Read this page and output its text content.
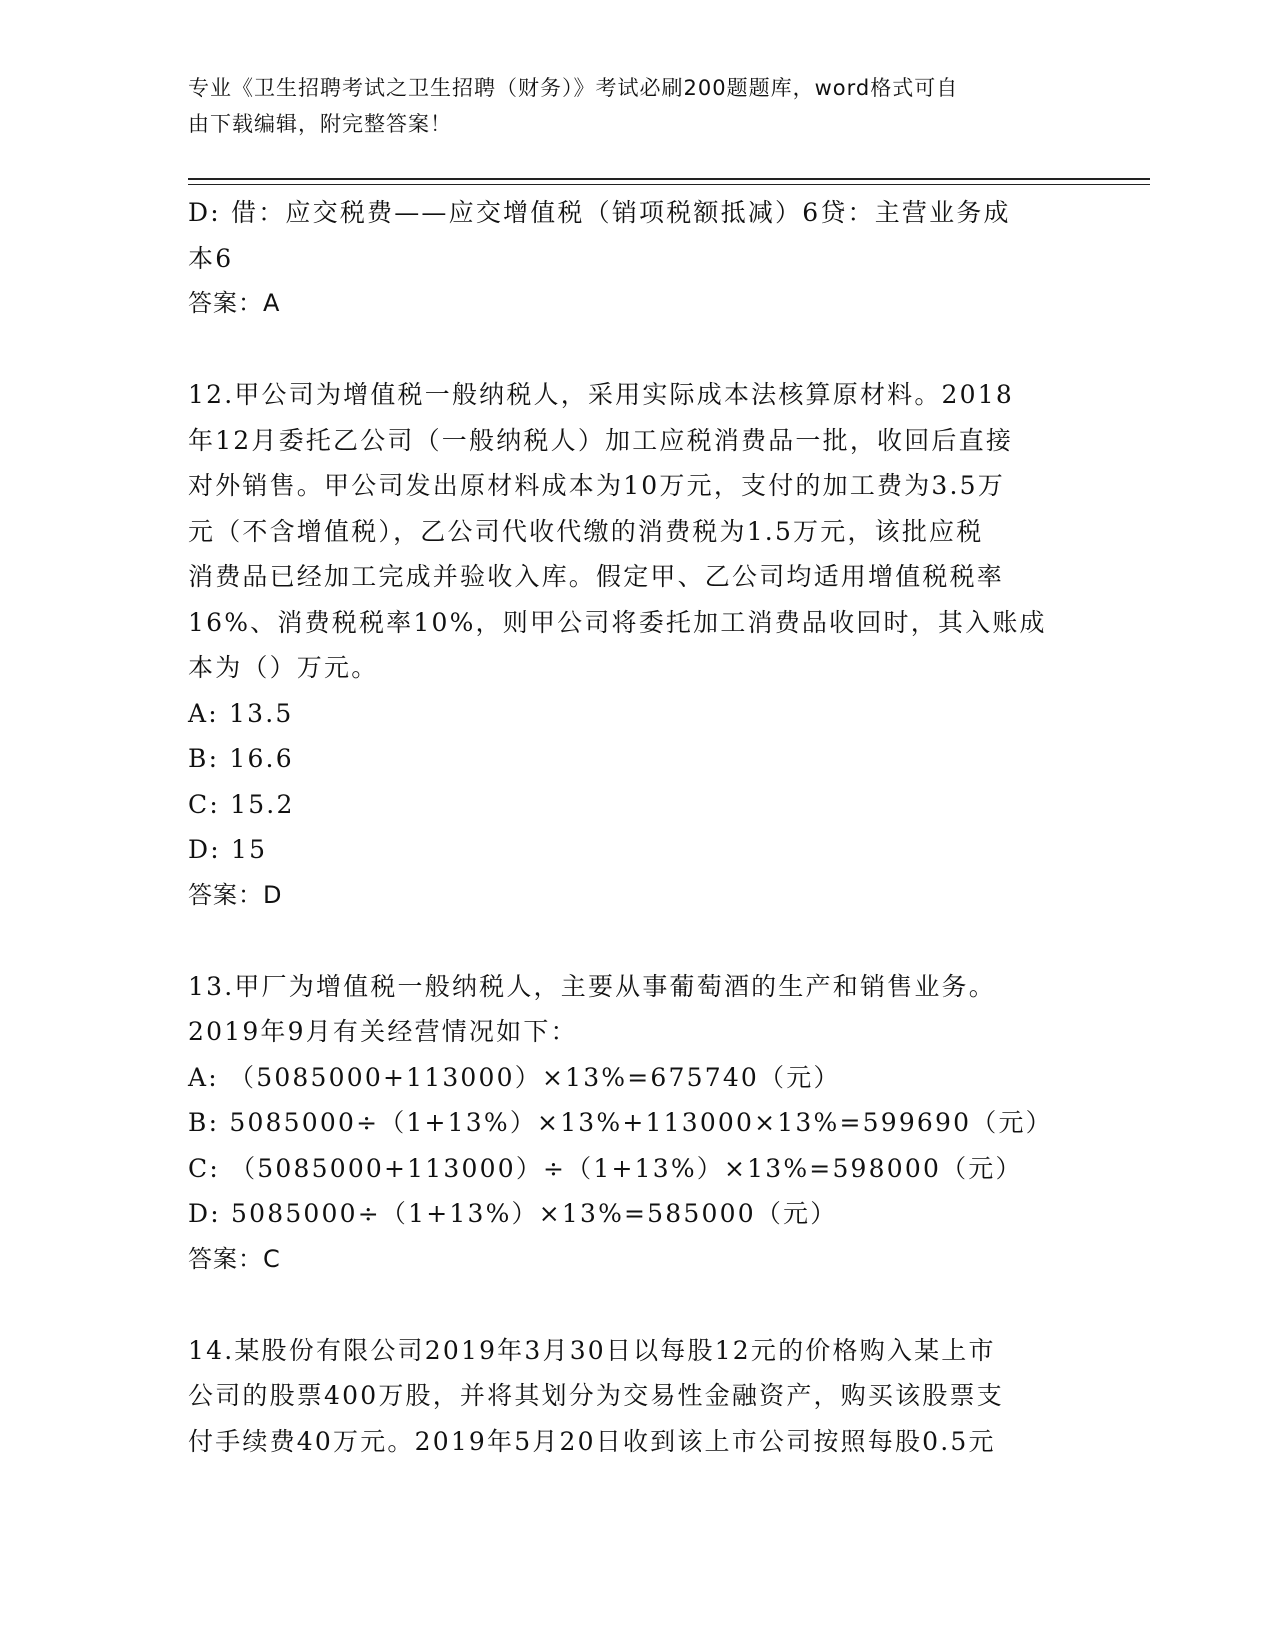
专业《卫生招聘考试之卫生招聘（财务）》考试必刷200题题库，word格式可自
由下载编辑，附完整答案！
D: 借：应交税费——应交增值税（销项税额抵减）6贷：主营业务成
本6
答案：A
12.甲公司为增值税一般纳税人，采用实际成本法核算原材料。2018
年12月委托乙公司（一般纳税人）加工应税消费品一批，收回后直接
对外销售。甲公司发出原材料成本为10万元，支付的加工费为3.5万
元（不含增值税），乙公司代收代缴的消费税为1.5万元，该批应税
消费品已经加工完成并验收入库。假定甲、乙公司均适用增值税税率
16%、消费税税率10%，则甲公司将委托加工消费品收回时，其入账成
本为（）万元。
A: 13.5
B: 16.6
C: 15.2
D: 15
答案：D
13.甲厂为增值税一般纳税人，主要从事葡萄酒的生产和销售业务。
2019年9月有关经营情况如下：
A: （5085000+113000）×13%=675740（元）
B: 5085000÷（1+13%）×13%+113000×13%=599690（元）
C: （5085000+113000）÷（1+13%）×13%=598000（元）
D: 5085000÷（1+13%）×13%=585000（元）
答案：C
14.某股份有限公司2019年3月30日以每股12元的价格购入某上市
公司的股票400万股，并将其划分为交易性金融资产，购买该股票支
付手续费40万元。2019年5月20日收到该上市公司按照每股0.5元
